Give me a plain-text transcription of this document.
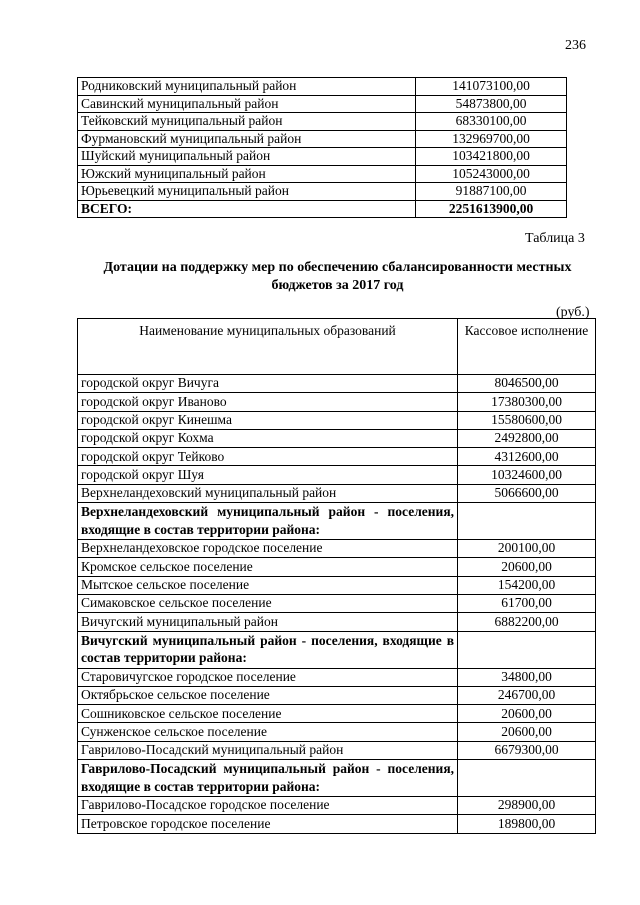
236
Родниковский муниципальный район	141073100,00
Савинский муниципальный район	54873800,00
Тейковский муниципальный район	68330100,00
Фурмановский муниципальный район	132969700,00
Шуйский муниципальный район	103421800,00
Южский муниципальный район	105243000,00
Юрьевецкий муниципальный район	91887100,00
ВСЕГО:	2251613900,00
Таблица 3
Дотации на поддержку мер по обеспечению сбалансированности местных бюджетов за 2017 год
(руб.)
Наименование муниципальных образований	Кассовое исполнение
городской округ Вичуга	8046500,00
городской округ Иваново	17380300,00
городской округ Кинешма	15580600,00
городской округ Кохма	2492800,00
городской округ Тейково	4312600,00
городской округ Шуя	10324600,00
Верхнеландеховский муниципальный район	5066600,00
Верхнеландеховский муниципальный район - поселения, входящие в состав территории района:	
Верхнеландеховское городское поселение	200100,00
Кромское сельское поселение	20600,00
Мытское сельское поселение	154200,00
Симаковское сельское поселение	61700,00
Вичугский муниципальный район	6882200,00
Вичугский муниципальный район - поселения, входящие в состав территории района:	
Старовичугское городское поселение	34800,00
Октябрьское сельское поселение	246700,00
Сошниковское сельское поселение	20600,00
Сунженское сельское поселение	20600,00
Гаврилово-Посадский муниципальный район	6679300,00
Гаврилово-Посадский муниципальный район - поселения, входящие в состав территории района:	
Гаврилово-Посадское городское поселение	298900,00
Петровское городское поселение	189800,00
